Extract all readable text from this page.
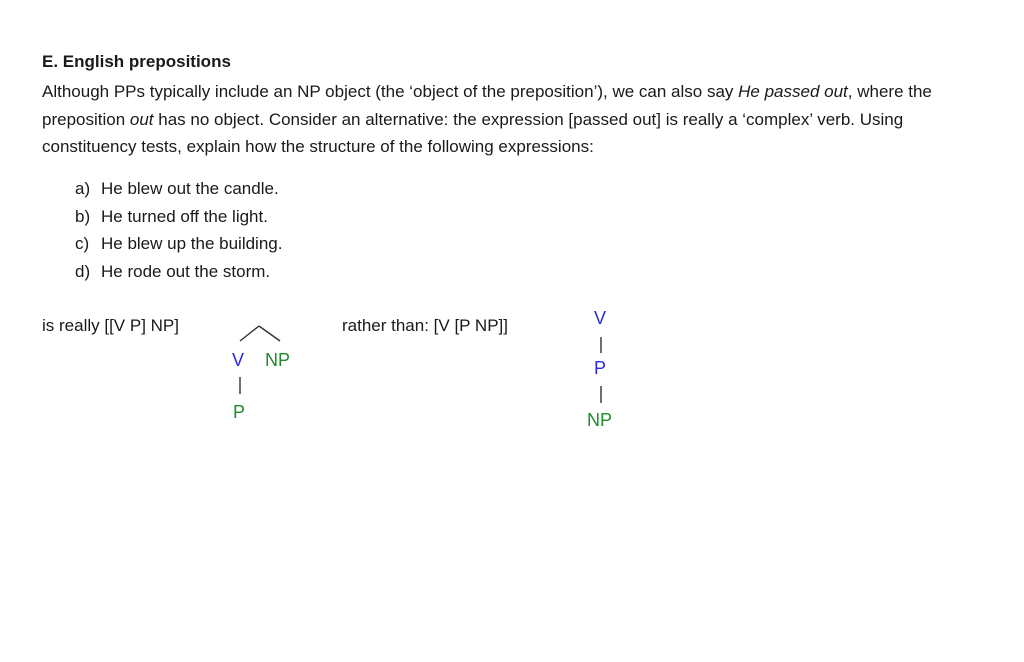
E. English prepositions

Although PPs typically include an NP object (the ‘object of the preposition’), we can also say He passed out, where the preposition out has no object. Consider an alternative: the expression [passed out] is really a ‘complex’ verb. Using constituency tests, explain how the structure of the following expressions:

a) He blew out the candle.
b) He turned off the light.
c) He blew up the building.
d) He rode out the storm.
is really [[V P] NP]	rather than: [V [P NP]]
V NP
P
V
P
NP
